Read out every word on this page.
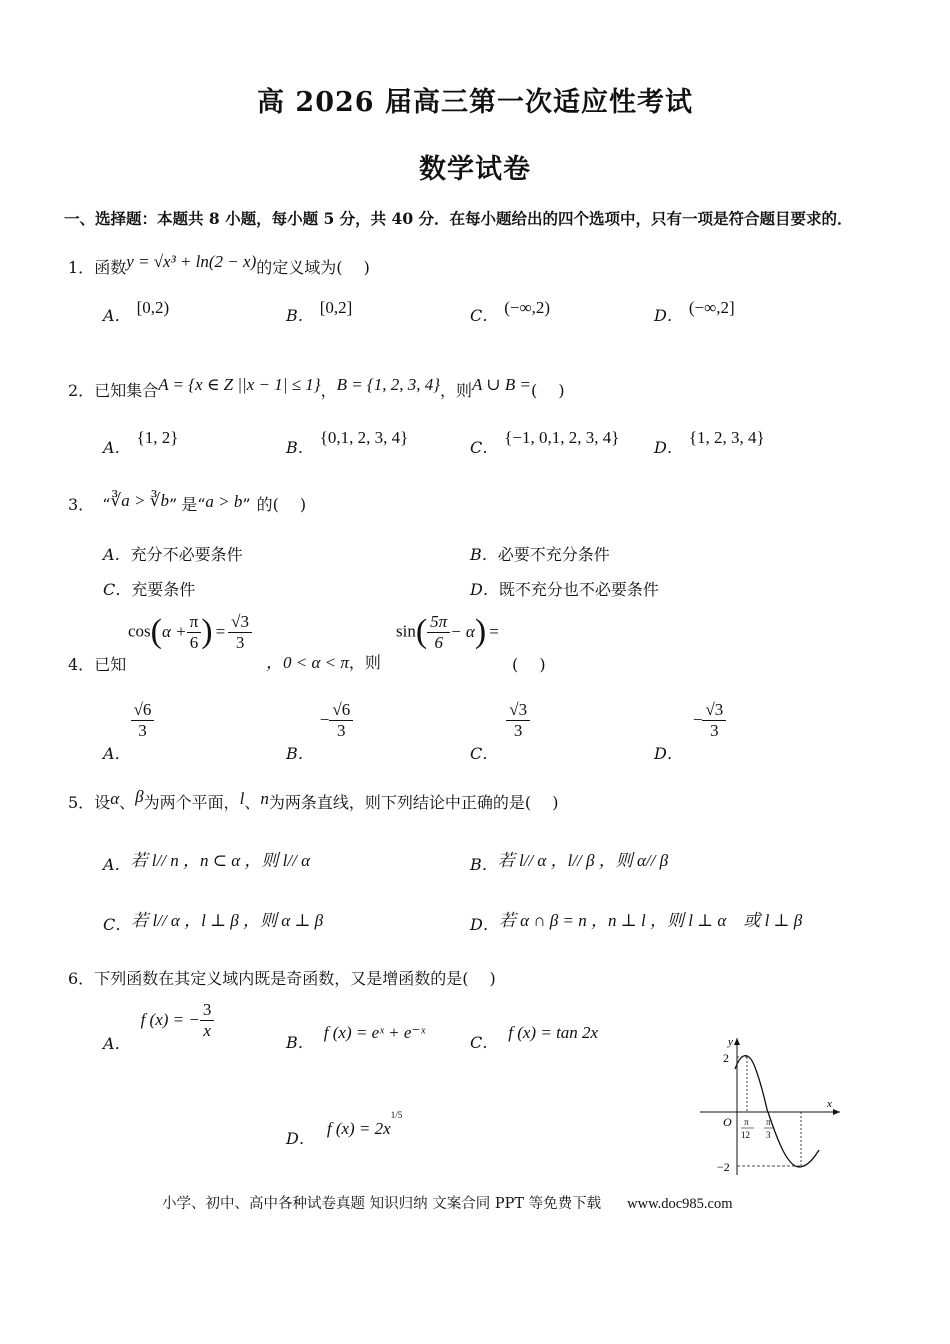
高 2026 届高三第一次适应性考试
数学试卷
一、选择题：本题共 8 小题，每小题 5 分，共 40 分．在每小题给出的四个选项中，只有一项是符合题目要求的．
1．函数y = √x³ + ln(2 − x)的定义域为(　 )
A． [0,2)	B． [0,2]	C． (−∞,2)	D． (−∞,2]
2．已知集合A = {x ∈ Z ||x − 1| ≤ 1}，B = {1, 2, 3, 4}，则A ∪ B =(　 )
A．{1, 2}
B．{0,1, 2, 3, 4}
C．{−1, 0,1, 2, 3, 4}
D．{1, 2, 3, 4}
3． “∛a > ∛b” 是“a > b” 的(　 )
A．充分不必要条件	B．必要不充分条件
C．充要条件	D．既不充分也不必要条件
4．已知
$\cos(\alpha + \frac{\pi}{6}$ ) = $\frac{√3}{3}$
，0 < α < π，则
$\sin( \frac{5\pi}{6} - \alpha)$ =
(　 )
A．
$\frac{√6}{3}$
B．− $\frac{√6}{3}$
C．
$\frac{√3}{3}$
D．− $\frac{√3}{3}$
5．设α、β为两个平面，l、n为两条直线，则下列结论中正确的是(　 )
A．若 l// n ，n ⊂ α ，则 l// α	B．若 l// α ，l// β ，则 α// β
C．若 l// α ，l ⊥ β ，则 α ⊥ β	D．若 α ∩ β = n ，n ⊥ l ，则 l ⊥ α　或 l ⊥ β
6．下列函数在其定义域内既是奇函数，又是增函数的是(　 )
A．f (x) = − $\frac{3}{x}$
B．f (x) = eˣ + e⁻ˣ
C．f (x) = tan 2x
D．f $(x) = 2x^{1/5}$
y
x
O
2
−2
π
12
π
3
小学、初中、高中各种试卷真题 知识归纳 文案合同 PPT 等免费下载 www.doc985.com
